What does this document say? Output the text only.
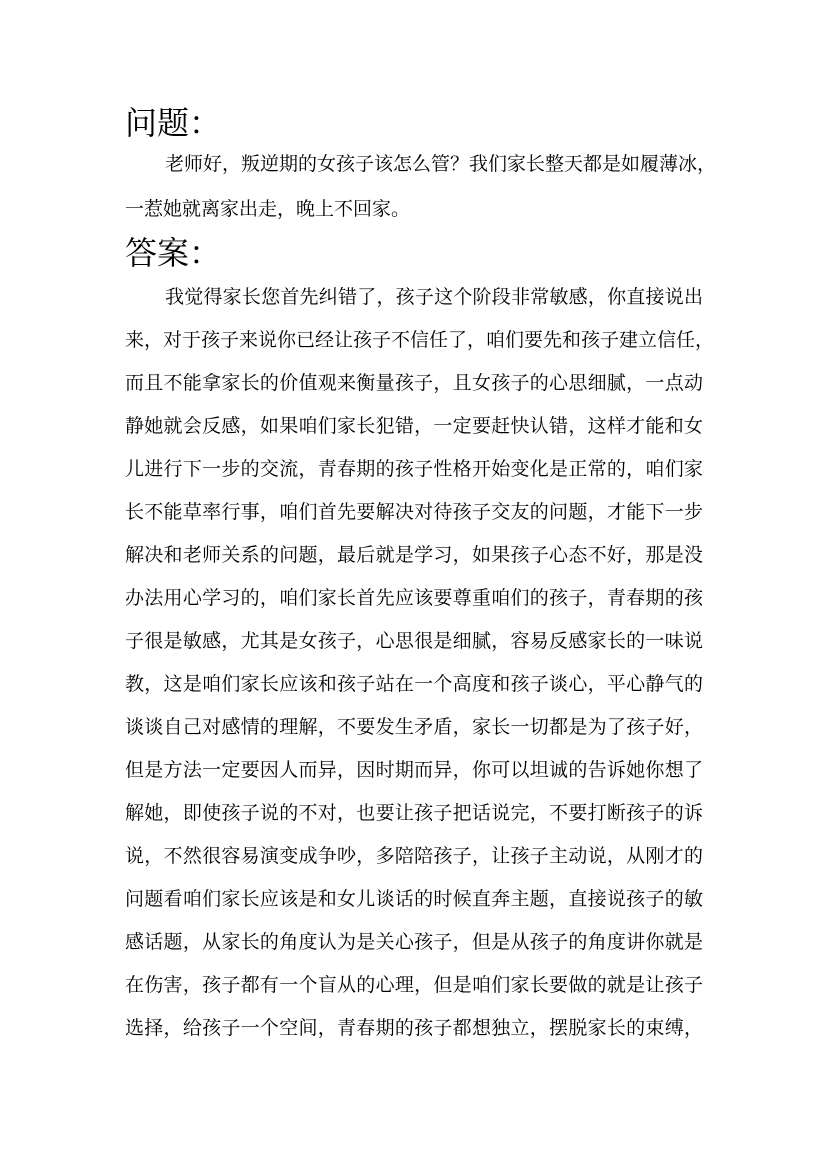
问题：
老师好，叛逆期的女孩子该怎么管？我们家长整天都是如履薄冰，
一惹她就离家出走，晚上不回家。
答案：
我觉得家长您首先纠错了，孩子这个阶段非常敏感，你直接说出
来，对于孩子来说你已经让孩子不信任了，咱们要先和孩子建立信任，
而且不能拿家长的价值观来衡量孩子，且女孩子的心思细腻，一点动
静她就会反感，如果咱们家长犯错，一定要赶快认错，这样才能和女
儿进行下一步的交流，青春期的孩子性格开始变化是正常的，咱们家
长不能草率行事，咱们首先要解决对待孩子交友的问题，才能下一步
解决和老师关系的问题，最后就是学习，如果孩子心态不好，那是没
办法用心学习的，咱们家长首先应该要尊重咱们的孩子，青春期的孩
子很是敏感，尤其是女孩子，心思很是细腻，容易反感家长的一味说
教，这是咱们家长应该和孩子站在一个高度和孩子谈心，平心静气的
谈谈自己对感情的理解，不要发生矛盾，家长一切都是为了孩子好，
但是方法一定要因人而异，因时期而异，你可以坦诚的告诉她你想了
解她，即使孩子说的不对，也要让孩子把话说完，不要打断孩子的诉
说，不然很容易演变成争吵，多陪陪孩子，让孩子主动说，从刚才的
问题看咱们家长应该是和女儿谈话的时候直奔主题，直接说孩子的敏
感话题，从家长的角度认为是关心孩子，但是从孩子的角度讲你就是
在伤害，孩子都有一个盲从的心理，但是咱们家长要做的就是让孩子
选择，给孩子一个空间，青春期的孩子都想独立，摆脱家长的束缚，
